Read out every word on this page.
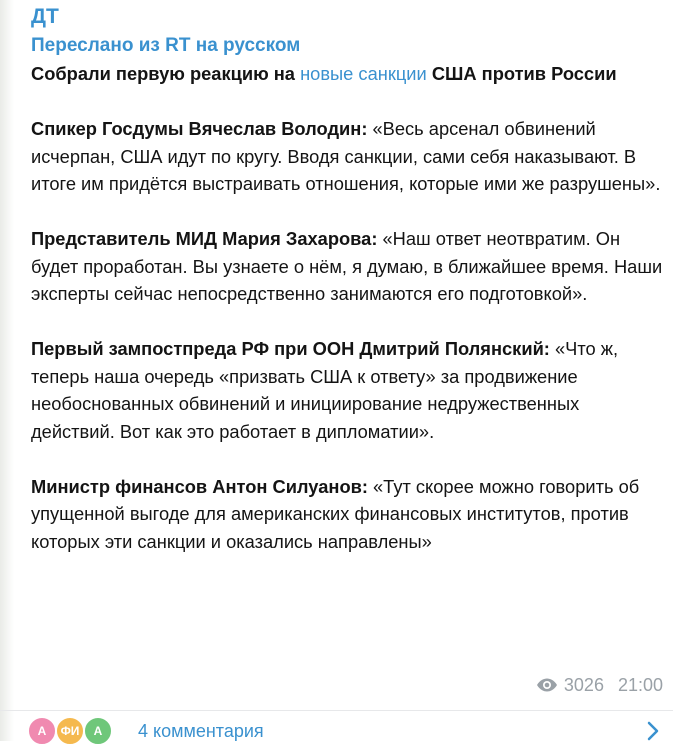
ДТ
Переслано из RT на русском
Собрали первую реакцию на новые санкции США против России
Спикер Госдумы Вячеслав Володин: «Весь арсенал обвинений исчерпан, США идут по кругу. Вводя санкции, сами себя наказывают. В итоге им придётся выстраивать отношения, которые ими же разрушены».
Представитель МИД Мария Захарова: «Наш ответ неотвратим. Он будет проработан. Вы узнаете о нём, я думаю, в ближайшее время. Наши эксперты сейчас непосредственно занимаются его подготовкой».
Первый зампостпреда РФ при ООН Дмитрий Полянский: «Что ж, теперь наша очередь «призвать США к ответу» за продвижение необоснованных обвинений и инициирование недружественных действий. Вот как это работает в дипломатии».
Министр финансов Антон Силуанов: «Тут скорее можно говорить об упущенной выгоде для американских финансовых институтов, против которых эти санкции и оказались направлены»
3026 21:00
А	ФИ	А	4 комментария
